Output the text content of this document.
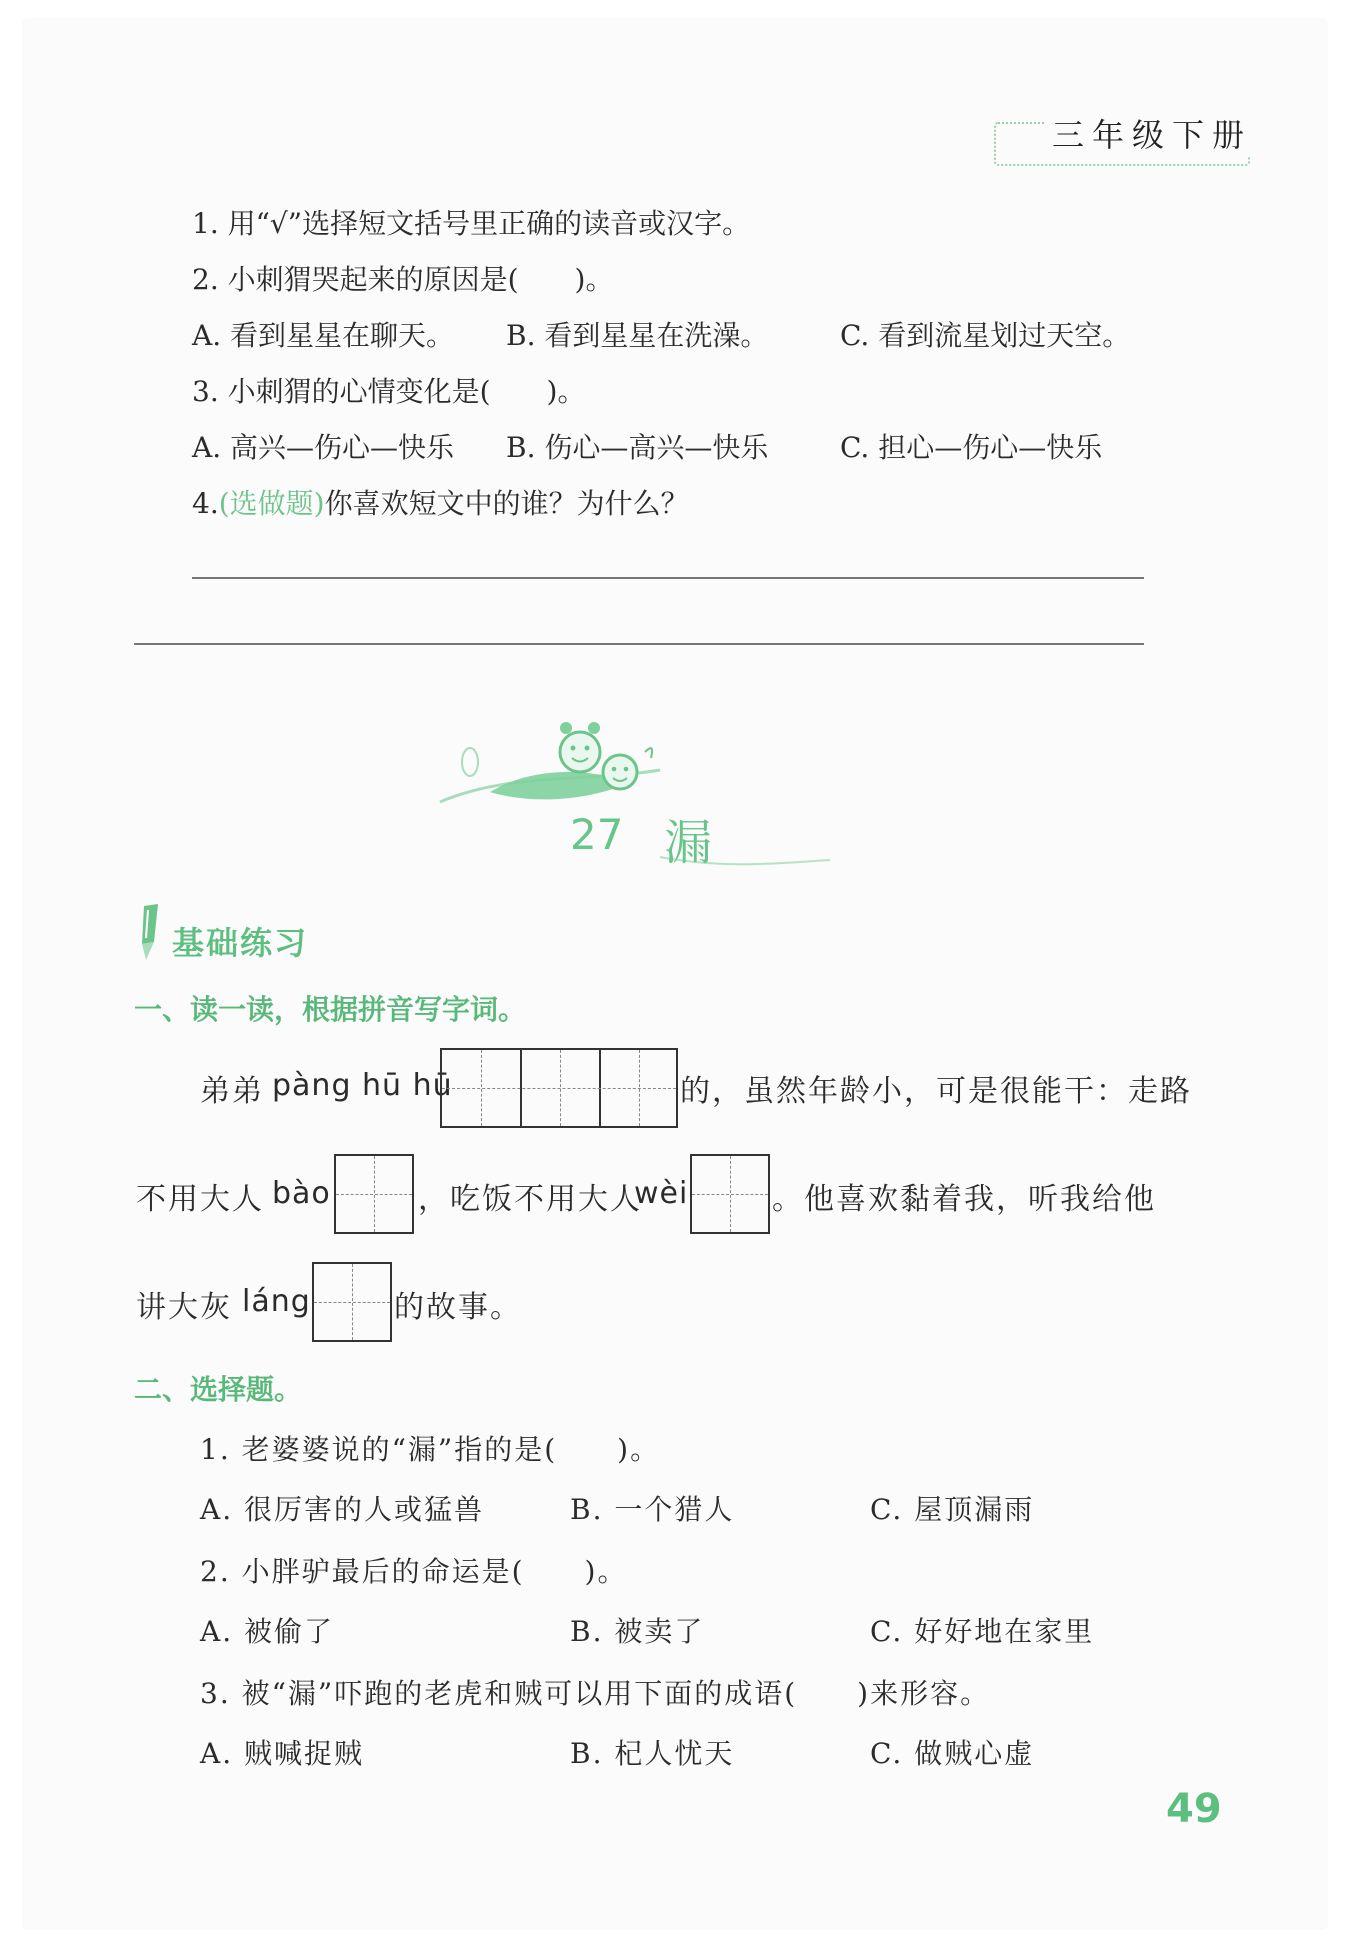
三年级下册
1. 用“√”选择短文括号里正确的读音或汉字。
2. 小刺猬哭起来的原因是(　　)。
A. 看到星星在聊天。 B. 看到星星在洗澡。	C. 看到流星划过天空。
3. 小刺猬的心情变化是(　　)。
A. 高兴—伤心—快乐 B. 伤心—高兴—快乐	C. 担心—伤心—快乐
4.(选做题)你喜欢短文中的谁？为什么？
27 漏
基础练习
一、读一读，根据拼音写字词。
弟弟 pàng hū hū	的，虽然年龄小，可是很能干：走路
不用大人 bào	，吃饭不用大人
wèi	。他喜欢黏着我，听我给他
讲大灰 láng	的故事。
二、选择题。
1. 老婆婆说的“漏”指的是(　　)。
A. 很厉害的人或猛兽	B. 一个猎人	C. 屋顶漏雨
2. 小胖驴最后的命运是(　　)。
A. 被偷了	B. 被卖了	C. 好好地在家里
3. 被“漏”吓跑的老虎和贼可以用下面的成语(　　)来形容。
A. 贼喊捉贼	B. 杞人忧天	C. 做贼心虚
49
